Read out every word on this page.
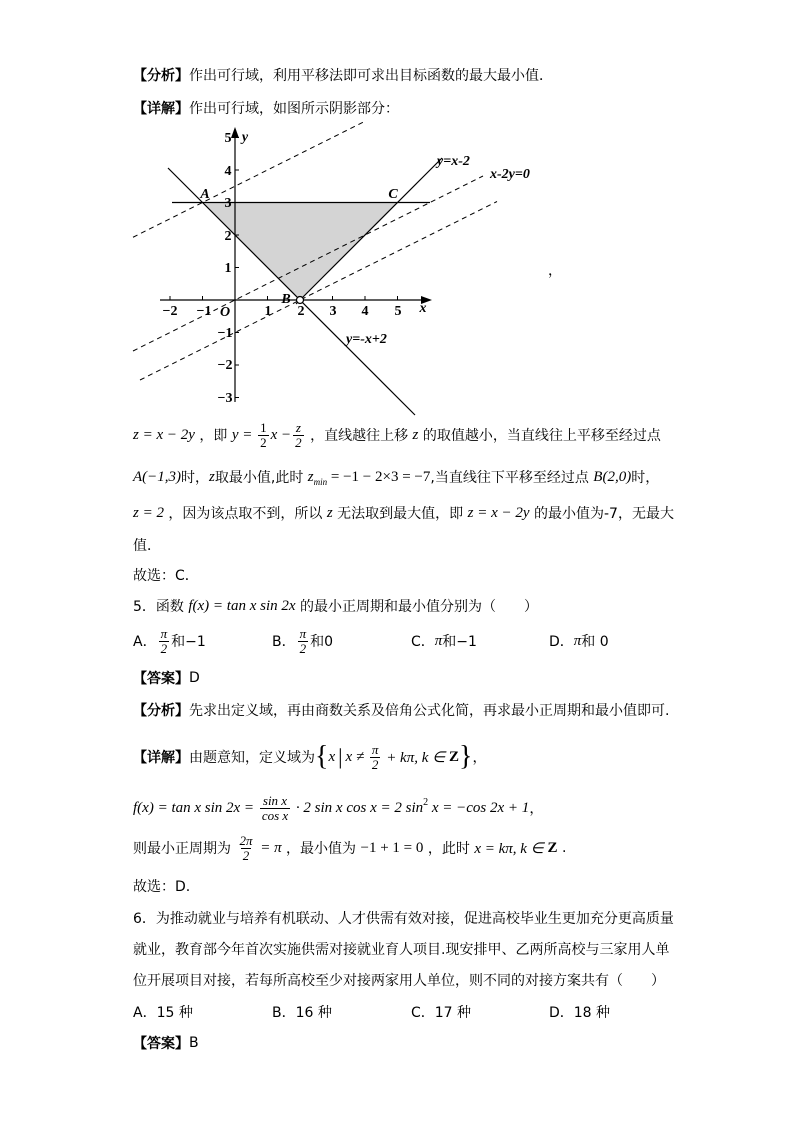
【分析】 作出可行域，利用平移法即可求出目标函数的最大最小值．
【详解】 作出可行域，如图所示阴影部分：
5 y
4
3
2
1
−1
−2
−3
−2 −1 O 1 2 3 4 5 x
A	C
B
y=x-2
x-2y=0
y=-x+2
，
z = x − 2y ，即 $y = \frac{1}{2}$ $x - \frac{z}{2}$ ，直线越往上移 z 的取值越小，当直线往上平移至经过点
A(−1,3) 时， z 取最小值,此时 z min = −1 − 2×3 = −7 ,当直线往下平移至经过点 B(2,0) 时，
z = 2 ，因为该点取不到，所以 z 无法取到最大值，即 z = x − 2y 的最小值为-7，无最大
值．
故选：C．
5．函数 f(x) = tan x sin 2x 的最小正周期和最小值分别为（　　）
A． $\frac{\pi}{2}$ 和−1	B． $\frac{\pi}{2}$ 和0	C． π 和−1	D． π 和 0
【答案】 D
【分析】 先求出定义域，再由商数关系及倍角公式化简，再求最小正周期和最小值即可.
【详解】 由题意知，定义域为 { x | $x \ne \frac{\pi}{2} + k\pi$, k ∈ Z } ，
f(x) = tan x $\sin 2x = \frac{\text{sin x}}{\text{cos x}} \cdot 2$ sin x cos x = 2 sin 2 x = −cos 2x + 1 ，
则最小正周期为 $\frac{2\pi}{2} = \pi$ ，最小值为 −1 + 1 = 0 ，此时 x = kπ, k ∈ Z .
故选：D.
6．为推动就业与培养有机联动、人才供需有效对接，促进高校毕业生更加充分更高质量
就业，教育部今年首次实施供需对接就业育人项目.现安排甲、乙两所高校与三家用人单
位开展项目对接，若每所高校至少对接两家用人单位，则不同的对接方案共有（　　）
A．15 种	B．16 种	C．17 种	D．18 种
【答案】 B
